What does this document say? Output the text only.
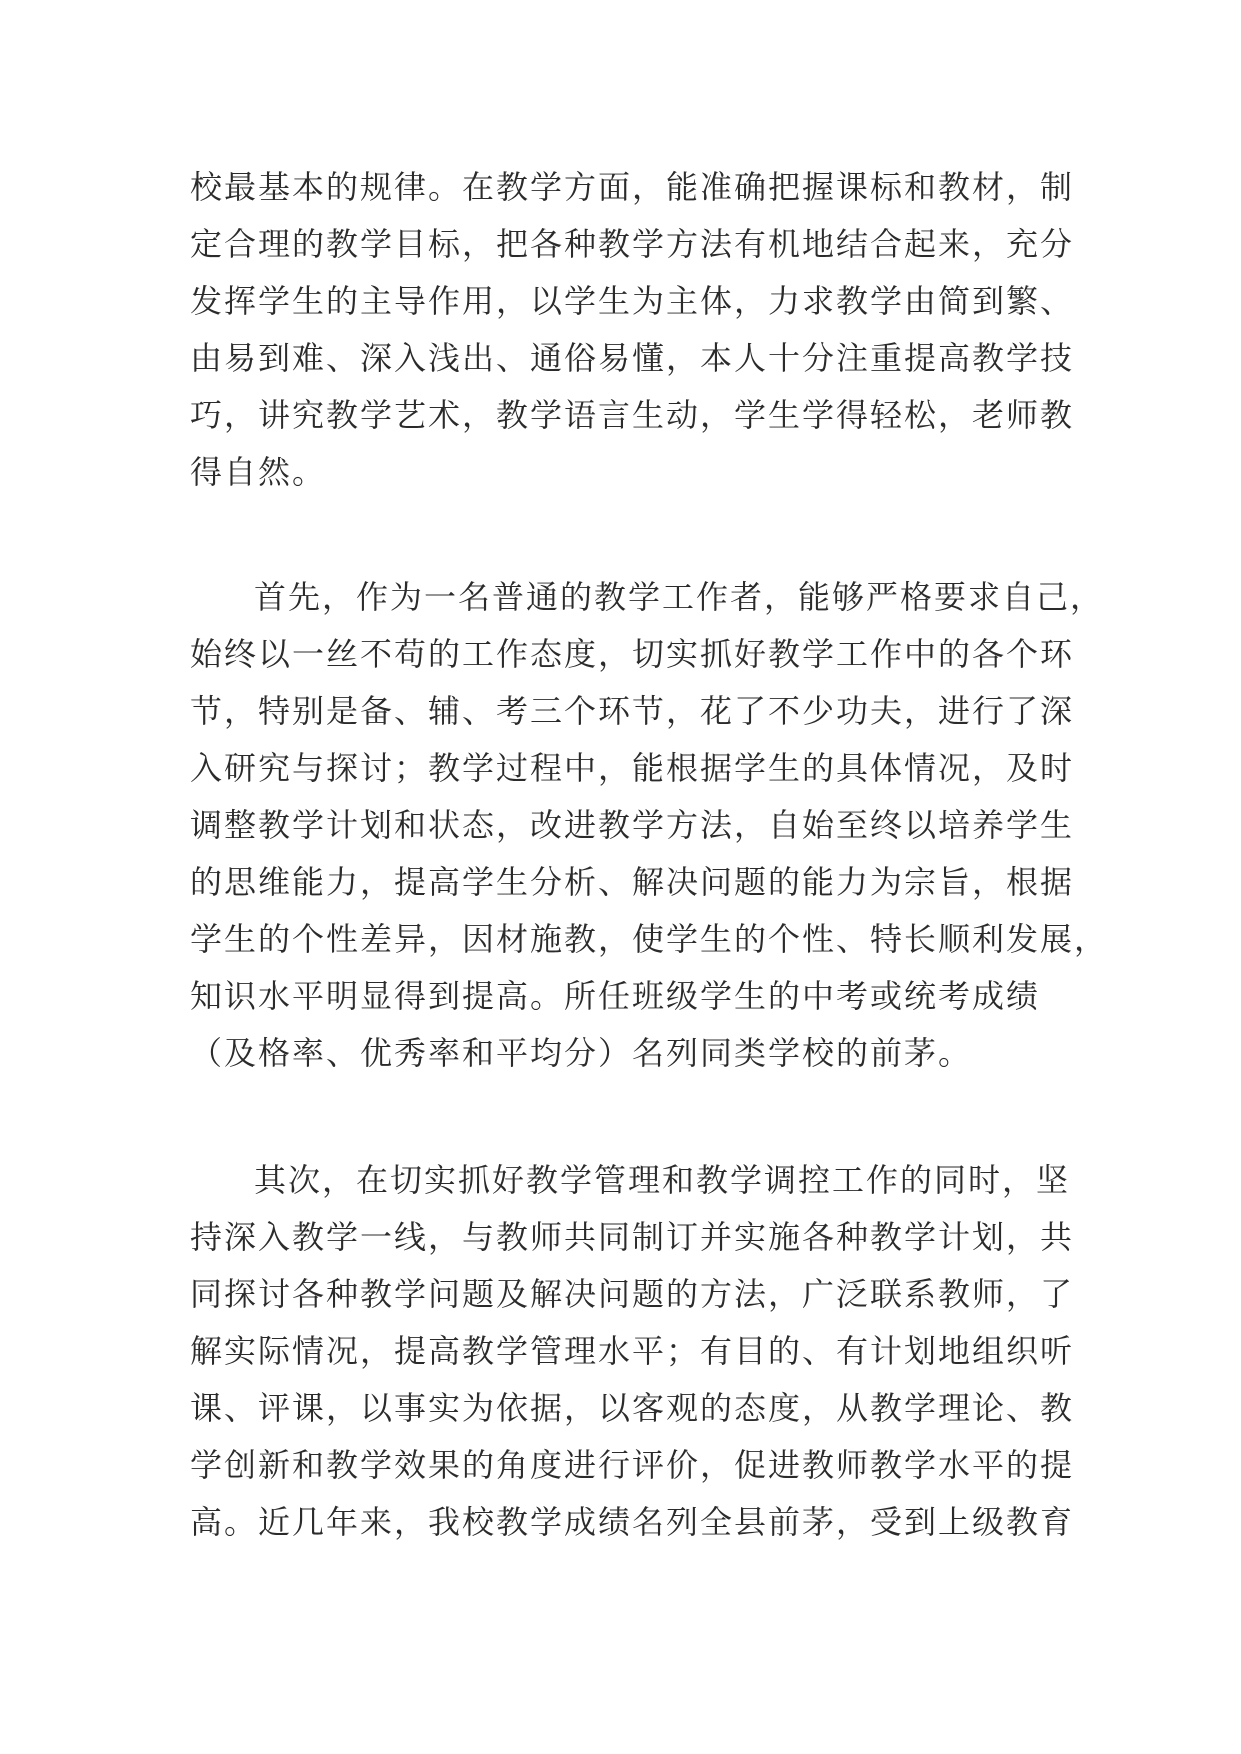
校最基本的规律。在教学方面，能准确把握课标和教材，制
定合理的教学目标，把各种教学方法有机地结合起来，充分
发挥学生的主导作用，以学生为主体，力求教学由简到繁、
由易到难、深入浅出、通俗易懂，本人十分注重提高教学技
巧，讲究教学艺术，教学语言生动，学生学得轻松，老师教
得自然。
首先，作为一名普通的教学工作者，能够严格要求自己，
始终以一丝不苟的工作态度，切实抓好教学工作中的各个环
节，特别是备、辅、考三个环节，花了不少功夫，进行了深
入研究与探讨；教学过程中，能根据学生的具体情况，及时
调整教学计划和状态，改进教学方法，自始至终以培养学生
的思维能力，提高学生分析、解决问题的能力为宗旨，根据
学生的个性差异，因材施教，使学生的个性、特长顺利发展，
知识水平明显得到提高。所任班级学生的中考或统考成绩
（及格率、优秀率和平均分）名列同类学校的前茅。
其次，在切实抓好教学管理和教学调控工作的同时，坚
持深入教学一线，与教师共同制订并实施各种教学计划，共
同探讨各种教学问题及解决问题的方法，广泛联系教师，了
解实际情况，提高教学管理水平；有目的、有计划地组织听
课、评课，以事实为依据，以客观的态度，从教学理论、教
学创新和教学效果的角度进行评价，促进教师教学水平的提
高。近几年来，我校教学成绩名列全县前茅，受到上级教育
